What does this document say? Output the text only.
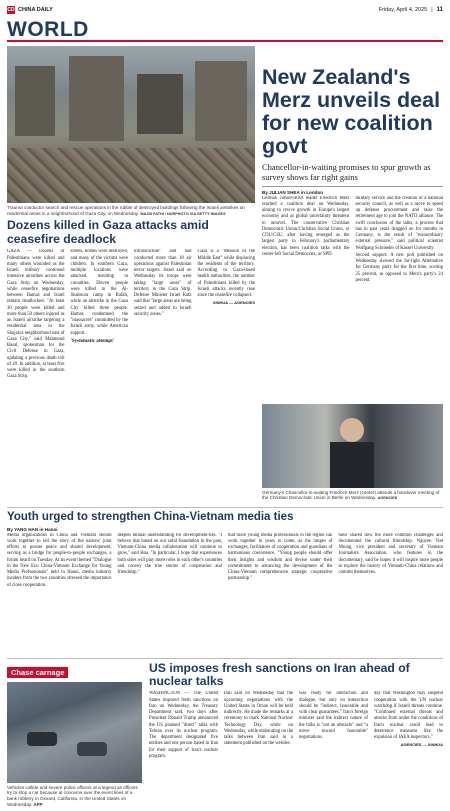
CD CHINA DAILY	Friday, April 4, 2025 | 11
WORLD
Trauma conductor search and rescue operations in the rubble of destroyed buildings following the Israeli airstrikes on residential areas in a neighborhood of Gaza City, on Wednesday. MAJDI FATHI / NURPHOTO VIA GETTY IMAGES
Dozens killed in Gaza attacks amid ceasefire deadlock

GAZA — Dozens of Palestinians were killed and many others wounded as the Israeli military continued intensive airstrikes across the Gaza Strip on Wednesday, while ceasefire negotiations between Hamas and Israel remain deadlocked. "At least 30 people were killed and more than 50 others injured as an Israeli airstrike targeting a residential area in the Shujaiya neighborhood east of Gaza City," said Mahmoud Basal, spokesman for the Civil Defense in Gaza, updating a previous death toll of 20. In addition, at least five were killed in the southern Gaza Strip.

streets, homes were destroyed, and many of the victims were children. In southern Gaza, multiple locations were attacked, resulting in casualties. Eleven people were killed in the Al-Shaboura camp in Rafah, while an airstrike in the Gaza City killed three people. Hamas condemned the "massacres" committed by the Israeli army, while American support.

'Systematic attempt'

infrastructure" and had conducted more than 30 air operations against Palestinian terror targets. Israel said on Wednesday its troops were taking "large areas" of territory in the Gaza Strip. Defense Minister Israel Katz said that "large areas are being seized and added to Israeli security zones."

Gaza is a "Mission of the Middle East" while displacing the residents of the territory. According to Gaza-based health authorities, the number of Palestinians killed by the Israeli attacks recently rose since the ceasefire collapsed.

XINHUA — AGENCIES
New Zealand's Merz unveils deal for new coalition govt
Chancellor-in-waiting promises to spur growth as survey shows far right gains
By JULIAN SHEA in London

German conservative leader Friedrich Merz reached a coalition deal on Wednesday, aiming to revive growth in Europe's largest economy and as global uncertainty threatens to unravel. The conservative Christian Democratic Union/Christian Social Union, or CDU/CSU, after having emerged as the largest party in February's parliamentary election, has been coalition talks with the center-left Social Democrats, or SPD.

military service and the creation of a national security council, as well as a move to speed up defense procurement and raise the retirement age to join the NATO alliance. The swift conclusion of the talks, a process that has in past years dragged on for months in Germany, is the result of "extraordinary external pressure," said political scientist Wolfgang Schroeder of Kassel University.

Second support: A new poll published on Wednesday showed the far-right Alternative for Germany party for the first time, scoring 25 percent, as opposed to Merz's party's 24 percent.

Germany's Chancellor-in-waiting Friedrich Merz (center) attends a handover meeting of the Christian Democratic Union in Berlin on Wednesday. AGENCIES
Youth urged to strengthen China-Vietnam media ties
By YANG HAN in Hanoi

Media organizations in China and Vietnam should work together to tell the story of the nations' joint efforts to pursue peace and shared development, serving as a bridge for people-to-people exchanges, a forum heard on Tuesday. At an event themed "Dialogue in the New Era: China-Vietnam Exchange for Young Media Professionals" held in Hanoi, media industry insiders from the two countries stressed the importance of close cooperation.

deepen mutual understanding for development-ties. "I believe that based on our solid foundation in the past, Vietnam-China media collaboration will continue to grow," said Hoa. "In particular, I hope that experiences both sides will play more roles in each other's countries and convey the true stories of cooperation and friendship."

that more young media professionals in the region can work together in years to come, as the ranges of exchanges, facilitators of cooperation and guardians of harmonious coexistence. "Young people should offer their insights and wisdom and devise under their commitment to advancing the development of the China-Vietnam comprehensive strategic cooperative partnership."

have shared how the more common challenges and documented the cultural friendship. Nguyen Viet Nhung, vice president and secretary of Vietnam Journalists Association, who features in the documentary, said he hopes it will inspire more people to explore the history of Vietnam-China relations and commit themselves.

Chase carnage
Vehicles collide and severe police officers at a legend as officers try to stop a car because at concerns over the event lines of a bank robbery in Oxnard, California, in the United States on Wednesday. AFP
US imposes fresh sanctions on Iran ahead of nuclear talks

WASHINGTON — The United States imposed fresh sanctions on Iran on Wednesday, the Treasury Department said, two days after President Donald Trump announced the US planned "direct" talks with Tehran over its nuclear program. The department designated five entities and one person based in Iran for their support of Iran's nuclear program.

Iran said on Wednesday that the upcoming negotiations with the United States in Oman will be held indirectly. He made the remarks at a ceremony to mark National Nuclear Technology Day, while on Wednesday, while elaborating on the talks between Iran said in a statement published on the website.

was ready for interaction and dialogue, but only on interaction should be "indirect, honorable and with clear guarantees." Iran's foreign minister said the indirect nature of the talks is "not an obstacle" and "a move toward honorable" negotiations.

day that Washington may suspend cooperation with the UN nuclear watchdog if Israeli threats continue. "Continued external threats and attacks from under the conditions of Iran's nuclear could lead to deterrence measures like the expulsion of IAEA inspectors."

AGENCIES — XINHUA
